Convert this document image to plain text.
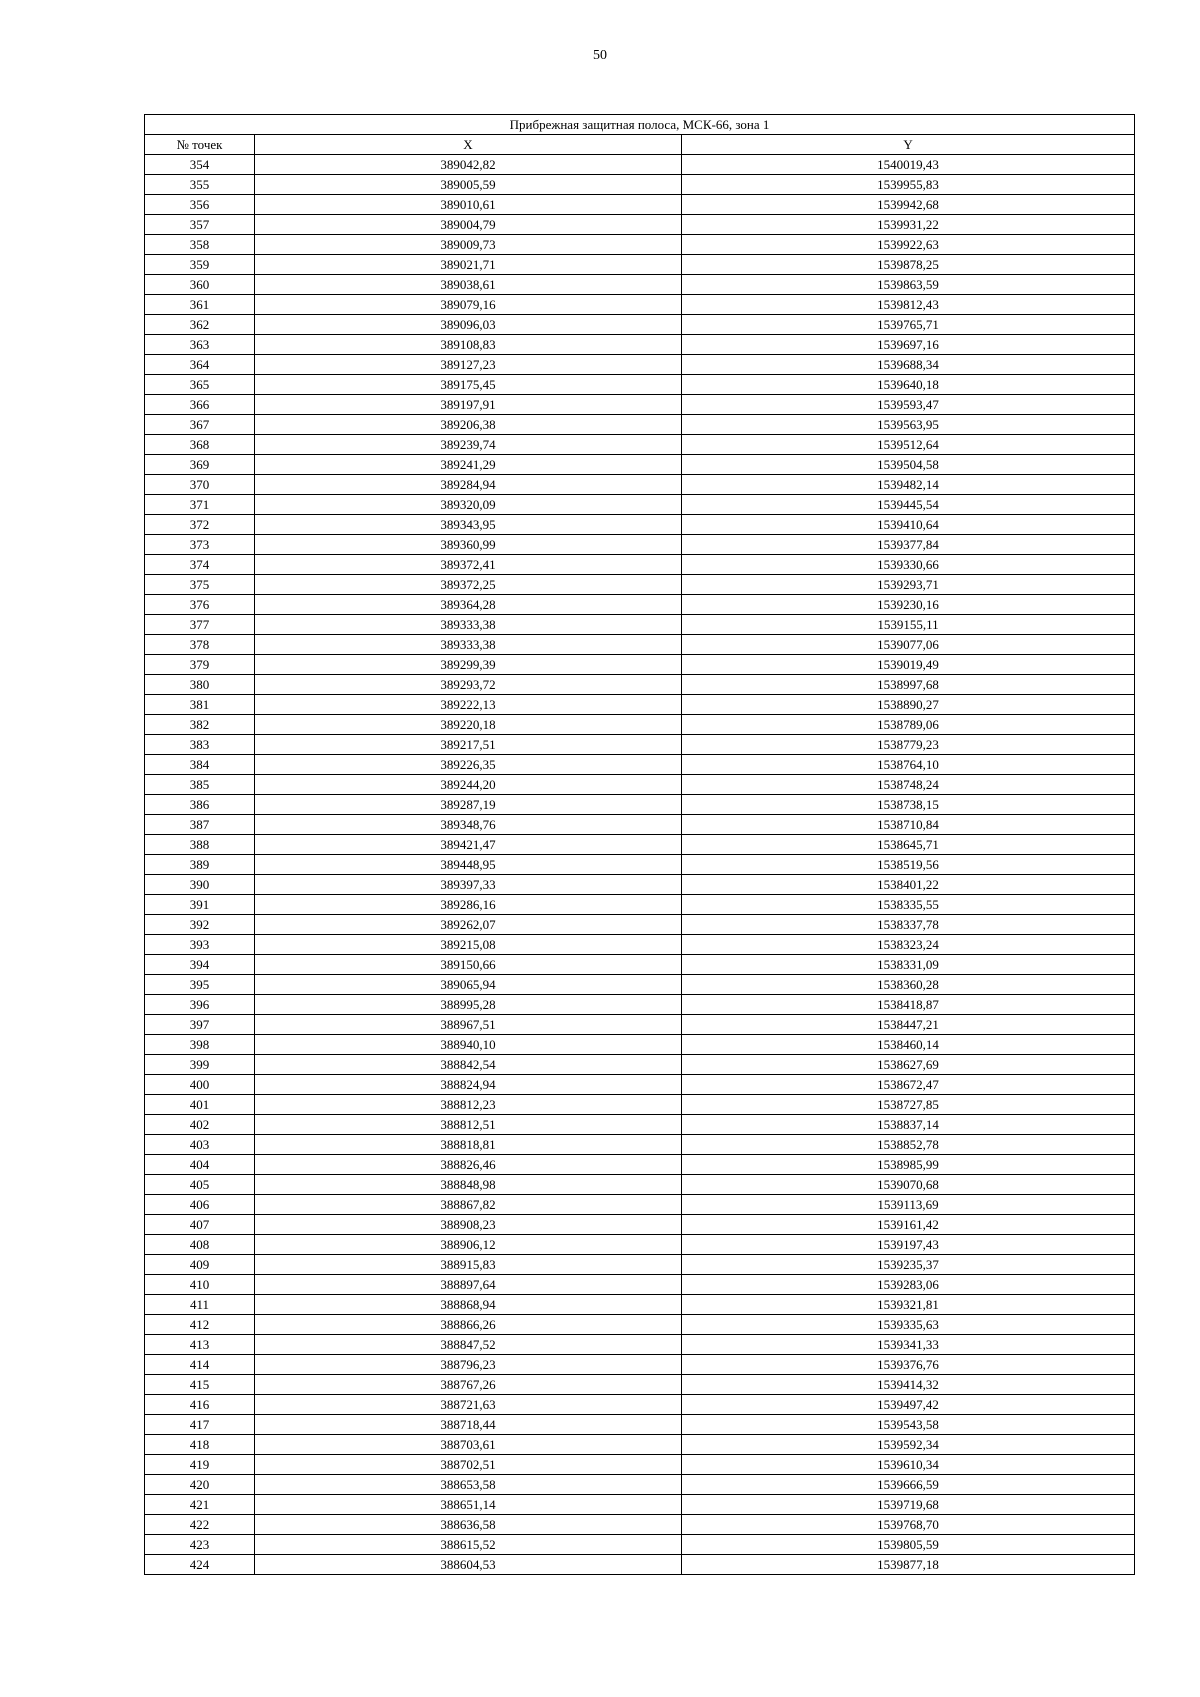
50
Прибрежная защитная полоса, МСК-66, зона 1		
№ точек	X	Y
354	389042,82	1540019,43
355	389005,59	1539955,83
356	389010,61	1539942,68
357	389004,79	1539931,22
358	389009,73	1539922,63
359	389021,71	1539878,25
360	389038,61	1539863,59
361	389079,16	1539812,43
362	389096,03	1539765,71
363	389108,83	1539697,16
364	389127,23	1539688,34
365	389175,45	1539640,18
366	389197,91	1539593,47
367	389206,38	1539563,95
368	389239,74	1539512,64
369	389241,29	1539504,58
370	389284,94	1539482,14
371	389320,09	1539445,54
372	389343,95	1539410,64
373	389360,99	1539377,84
374	389372,41	1539330,66
375	389372,25	1539293,71
376	389364,28	1539230,16
377	389333,38	1539155,11
378	389333,38	1539077,06
379	389299,39	1539019,49
380	389293,72	1538997,68
381	389222,13	1538890,27
382	389220,18	1538789,06
383	389217,51	1538779,23
384	389226,35	1538764,10
385	389244,20	1538748,24
386	389287,19	1538738,15
387	389348,76	1538710,84
388	389421,47	1538645,71
389	389448,95	1538519,56
390	389397,33	1538401,22
391	389286,16	1538335,55
392	389262,07	1538337,78
393	389215,08	1538323,24
394	389150,66	1538331,09
395	389065,94	1538360,28
396	388995,28	1538418,87
397	388967,51	1538447,21
398	388940,10	1538460,14
399	388842,54	1538627,69
400	388824,94	1538672,47
401	388812,23	1538727,85
402	388812,51	1538837,14
403	388818,81	1538852,78
404	388826,46	1538985,99
405	388848,98	1539070,68
406	388867,82	1539113,69
407	388908,23	1539161,42
408	388906,12	1539197,43
409	388915,83	1539235,37
410	388897,64	1539283,06
411	388868,94	1539321,81
412	388866,26	1539335,63
413	388847,52	1539341,33
414	388796,23	1539376,76
415	388767,26	1539414,32
416	388721,63	1539497,42
417	388718,44	1539543,58
418	388703,61	1539592,34
419	388702,51	1539610,34
420	388653,58	1539666,59
421	388651,14	1539719,68
422	388636,58	1539768,70
423	388615,52	1539805,59
424	388604,53	1539877,18
